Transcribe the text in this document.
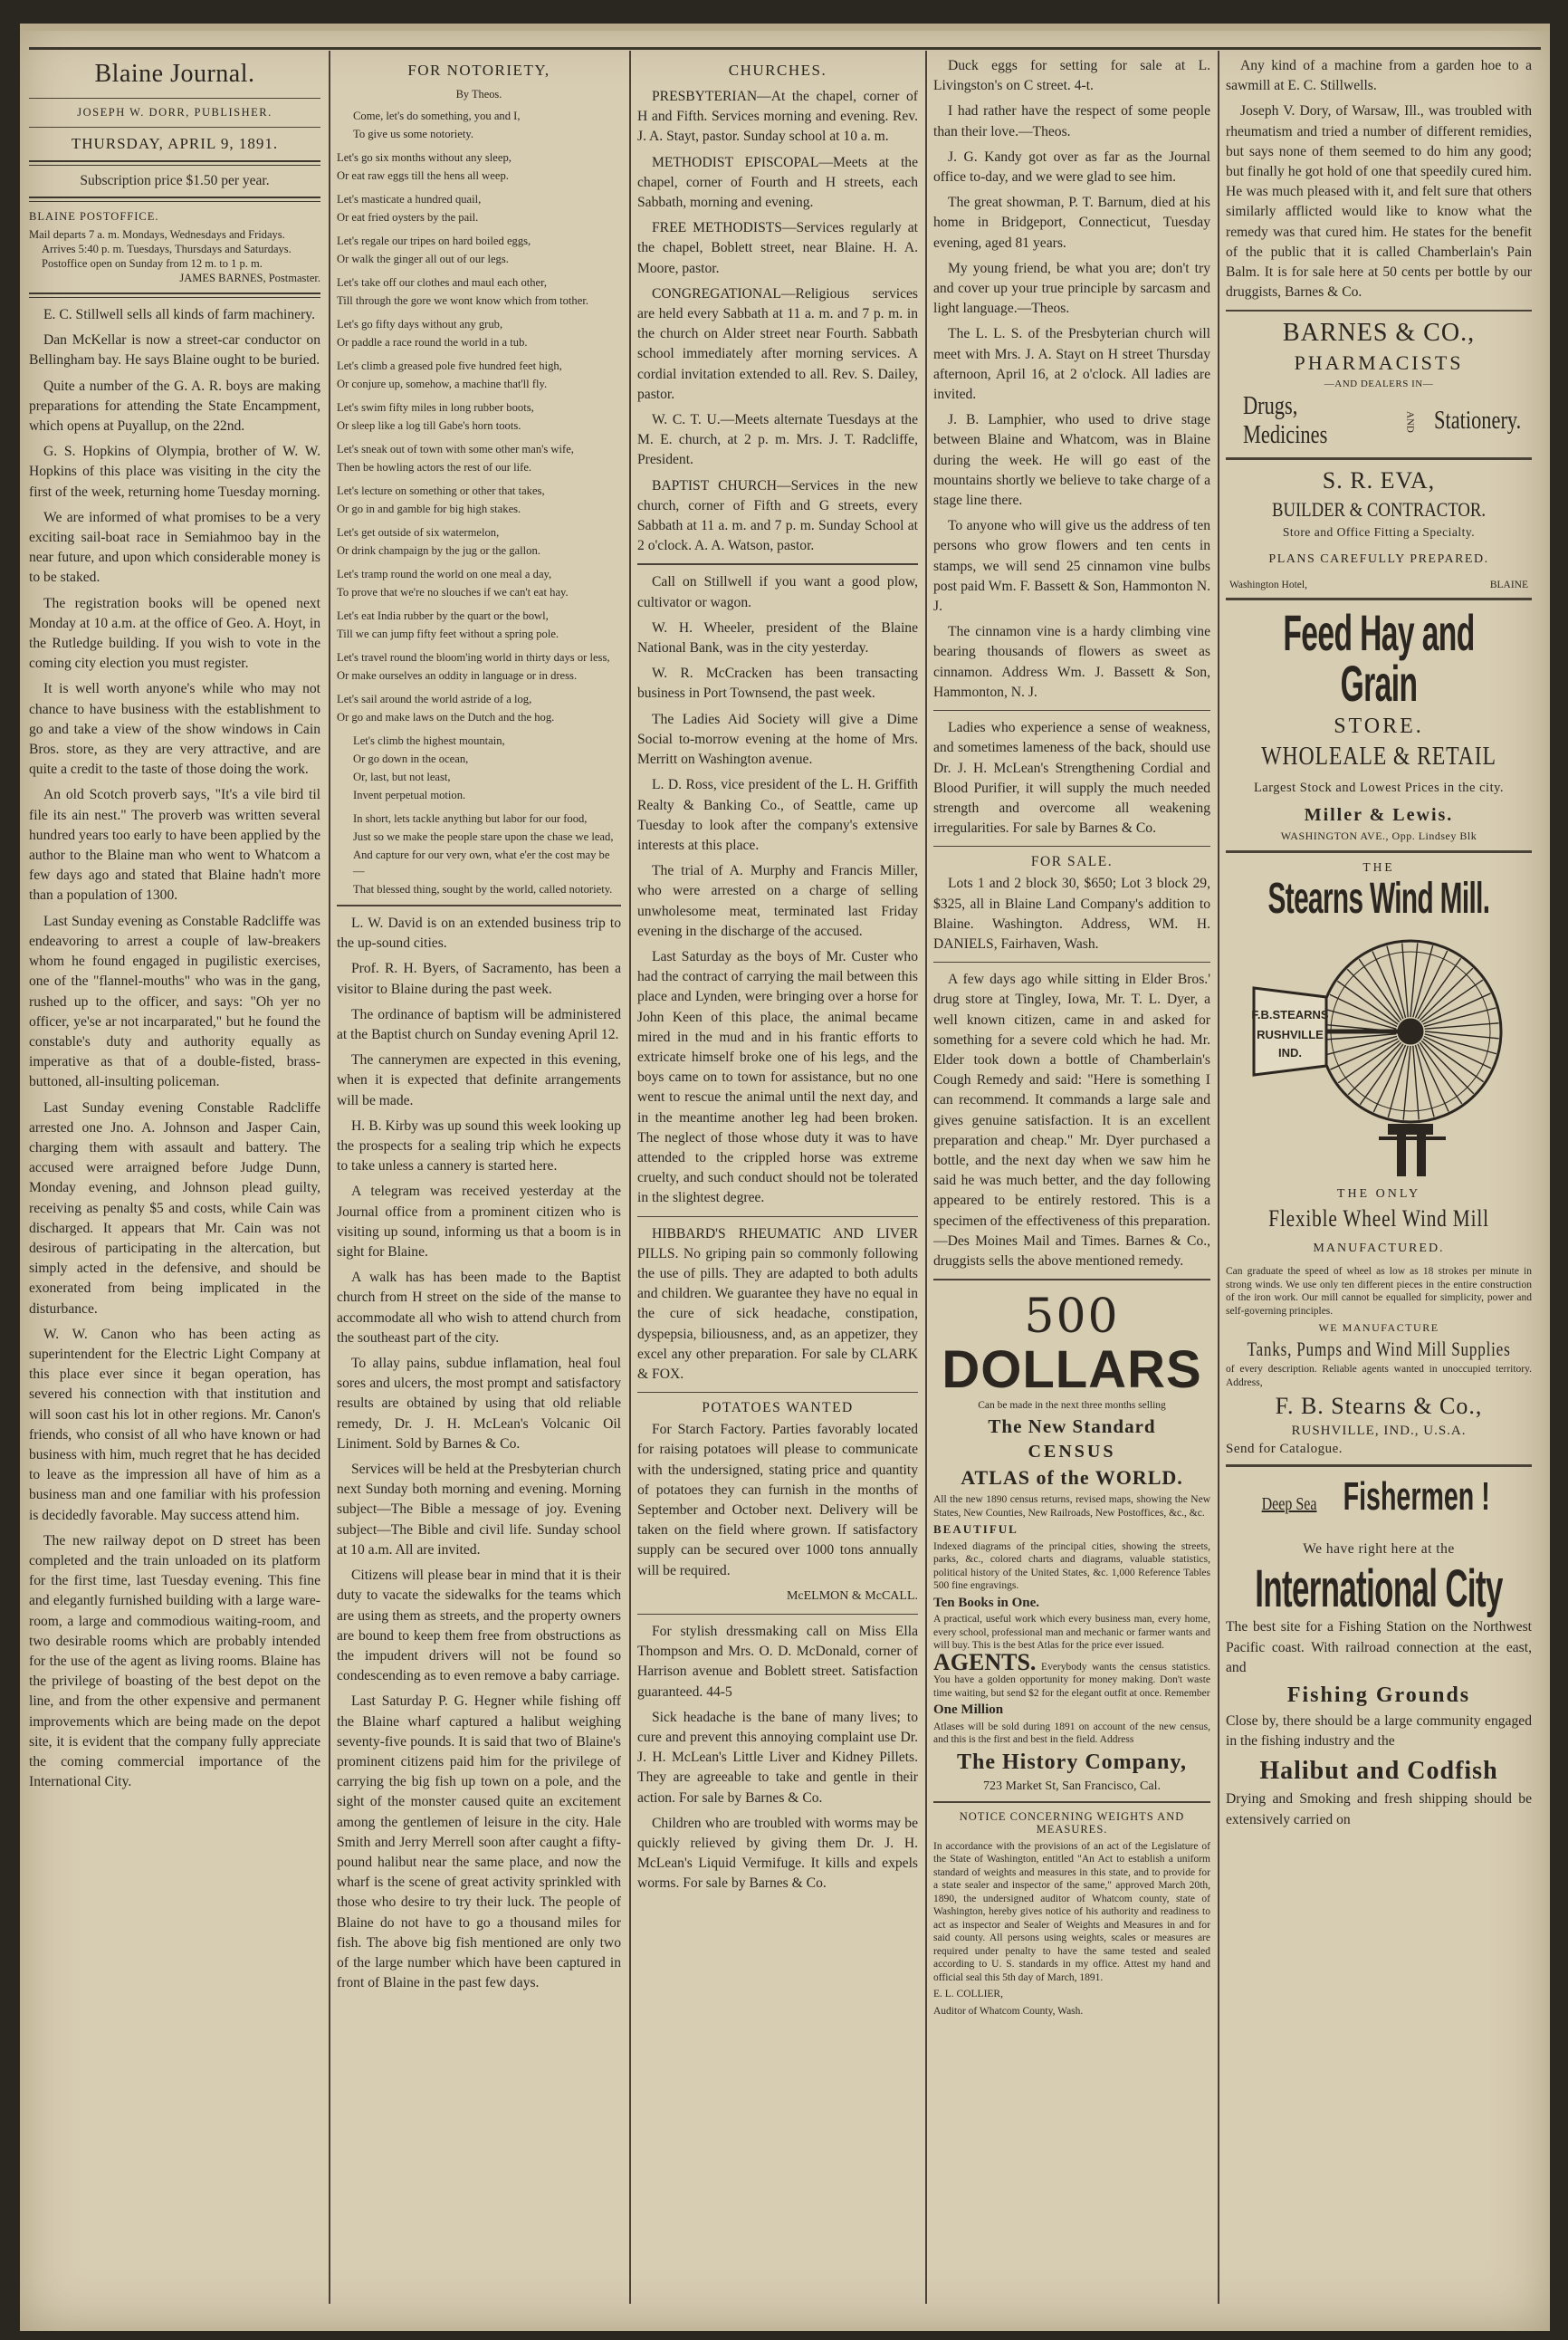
Blaine Journal.
JOSEPH W. DORR, PUBLISHER.
THURSDAY, APRIL 9, 1891.
Subscription price $1.50 per year.

BLAINE POSTOFFICE.

Mail departs 7 a. m. Mondays, Wednesdays and Fridays.

Arrives 5:40 p. m. Tuesdays, Thursdays and Saturdays.

Postoffice open on Sunday from 12 m. to 1 p. m.

JAMES BARNES, Postmaster.

E. C. Stillwell sells all kinds of farm machinery.

Dan McKellar is now a street-car conductor on Bellingham bay. He says Blaine ought to be buried.

Quite a number of the G. A. R. boys are making preparations for attending the State Encampment, which opens at Puyallup, on the 22nd.

G. S. Hopkins of Olympia, brother of W. W. Hopkins of this place was visiting in the city the first of the week, returning home Tuesday morning.

We are informed of what promises to be a very exciting sail-boat race in Semiahmoo bay in the near future, and upon which considerable money is to be staked.

The registration books will be opened next Monday at 10 a.m. at the office of Geo. A. Hoyt, in the Rutledge building. If you wish to vote in the coming city election you must register.

It is well worth anyone's while who may not chance to have business with the establishment to go and take a view of the show windows in Cain Bros. store, as they are very attractive, and are quite a credit to the taste of those doing the work.

An old Scotch proverb says, "It's a vile bird til file its ain nest." The proverb was written several hundred years too early to have been applied by the author to the Blaine man who went to Whatcom a few days ago and stated that Blaine hadn't more than a population of 1300.

Last Sunday evening as Constable Radcliffe was endeavoring to arrest a couple of law-breakers whom he found engaged in pugilistic exercises, one of the "flannel-mouths" who was in the gang, rushed up to the officer, and says: "Oh yer no officer, ye'se ar not incarparated," but he found the constable's duty and authority equally as imperative as that of a double-fisted, brass-buttoned, all-insulting policeman.

Last Sunday evening Constable Radcliffe arrested one Jno. A. Johnson and Jasper Cain, charging them with assault and battery. The accused were arraigned before Judge Dunn, Monday evening, and Johnson plead guilty, receiving as penalty $5 and costs, while Cain was discharged. It appears that Mr. Cain was not desirous of participating in the altercation, but simply acted in the defensive, and should be exonerated from being implicated in the disturbance.

W. W. Canon who has been acting as superintendent for the Electric Light Company at this place ever since it began operation, has severed his connection with that institution and will soon cast his lot in other regions. Mr. Canon's friends, who consist of all who have known or had business with him, much regret that he has decided to leave as the impression all have of him as a business man and one familiar with his profession is decidedly favorable. May success attend him.

The new railway depot on D street has been completed and the train unloaded on its platform for the first time, last Tuesday evening. This fine and elegantly furnished building with a large ware-room, a large and commodious waiting-room, and two desirable rooms which are probably intended for the use of the agent as living rooms. Blaine has the privilege of boasting of the best depot on the line, and from the other expensive and permanent improvements which are being made on the depot site, it is evident that the company fully appreciate the coming commercial importance of the International City.

FOR NOTORIETY,

By Theos.

Come, let's do something, you and I,

To give us some notoriety.

Let's go six months without any sleep,

Or eat raw eggs till the hens all weep.

Let's masticate a hundred quail,

Or eat fried oysters by the pail.

Let's regale our tripes on hard boiled eggs,

Or walk the ginger all out of our legs.

Let's take off our clothes and maul each other,

Till through the gore we wont know which from tother.

Let's go fifty days without any grub,

Or paddle a race round the world in a tub.

Let's climb a greased pole five hundred feet high,

Or conjure up, somehow, a machine that'll fly.

Let's swim fifty miles in long rubber boots,

Or sleep like a log till Gabe's horn toots.

Let's sneak out of town with some other man's wife,

Then be howling actors the rest of our life.

Let's lecture on something or other that takes,

Or go in and gamble for big high stakes.

Let's get outside of six watermelon,

Or drink champaign by the jug or the gallon.

Let's tramp round the world on one meal a day,

To prove that we're no slouches if we can't eat hay.

Let's eat India rubber by the quart or the bowl,

Till we can jump fifty feet without a spring pole.

Let's travel round the bloom'ing world in thirty days or less,

Or make ourselves an oddity in language or in dress.

Let's sail around the world astride of a log,

Or go and make laws on the Dutch and the hog.

Let's climb the highest mountain,

Or go down in the ocean,

Or, last, but not least,

Invent perpetual motion.

In short, lets tackle anything but labor for our food,

Just so we make the people stare upon the chase we lead,

And capture for our very own, what e'er the cost may be—

That blessed thing, sought by the world, called notoriety.

L. W. David is on an extended business trip to the up-sound cities.

Prof. R. H. Byers, of Sacramento, has been a visitor to Blaine during the past week.

The ordinance of baptism will be administered at the Baptist church on Sunday evening April 12.

The cannerymen are expected in this evening, when it is expected that definite arrangements will be made.

H. B. Kirby was up sound this week looking up the prospects for a sealing trip which he expects to take unless a cannery is started here.

A telegram was received yesterday at the Journal office from a prominent citizen who is visiting up sound, informing us that a boom is in sight for Blaine.

A walk has has been made to the Baptist church from H street on the side of the manse to accommodate all who wish to attend church from the southeast part of the city.

To allay pains, subdue inflamation, heal foul sores and ulcers, the most prompt and satisfactory results are obtained by using that old reliable remedy, Dr. J. H. McLean's Volcanic Oil Liniment. Sold by Barnes & Co.

Services will be held at the Presbyterian church next Sunday both morning and evening. Morning subject—The Bible a message of joy. Evening subject—The Bible and civil life. Sunday school at 10 a.m. All are invited.

Citizens will please bear in mind that it is their duty to vacate the sidewalks for the teams which are using them as streets, and the property owners are bound to keep them free from obstructions as the impudent drivers will not be found so condescending as to even remove a baby carriage.

Last Saturday P. G. Hegner while fishing off the Blaine wharf captured a halibut weighing seventy-five pounds. It is said that two of Blaine's prominent citizens paid him for the privilege of carrying the big fish up town on a pole, and the sight of the monster caused quite an excitement among the gentlemen of leisure in the city. Hale Smith and Jerry Merrell soon after caught a fifty-pound halibut near the same place, and now the wharf is the scene of great activity sprinkled with those who desire to try their luck. The people of Blaine do not have to go a thousand miles for fish. The above big fish mentioned are only two of the large number which have been captured in front of Blaine in the past few days.

CHURCHES.

PRESBYTERIAN—At the chapel, corner of H and Fifth. Services morning and evening. Rev. J. A. Stayt, pastor. Sunday school at 10 a. m.

METHODIST EPISCOPAL—Meets at the chapel, corner of Fourth and H streets, each Sabbath, morning and evening.

FREE METHODISTS—Services regularly at the chapel, Boblett street, near Blaine. H. A. Moore, pastor.

CONGREGATIONAL—Religious services are held every Sabbath at 11 a. m. and 7 p. m. in the church on Alder street near Fourth. Sabbath school immediately after morning services. A cordial invitation extended to all. Rev. S. Dailey, pastor.

W. C. T. U.—Meets alternate Tuesdays at the M. E. church, at 2 p. m. Mrs. J. T. Radcliffe, President.

BAPTIST CHURCH—Services in the new church, corner of Fifth and G streets, every Sabbath at 11 a. m. and 7 p. m. Sunday School at 2 o'clock. A. A. Watson, pastor.

Call on Stillwell if you want a good plow, cultivator or wagon.

W. H. Wheeler, president of the Blaine National Bank, was in the city yesterday.

W. R. McCracken has been transacting business in Port Townsend, the past week.

The Ladies Aid Society will give a Dime Social to-morrow evening at the home of Mrs. Merritt on Washington avenue.

L. D. Ross, vice president of the L. H. Griffith Realty & Banking Co., of Seattle, came up Tuesday to look after the company's extensive interests at this place.

The trial of A. Murphy and Francis Miller, who were arrested on a charge of selling unwholesome meat, terminated last Friday evening in the discharge of the accused.

Last Saturday as the boys of Mr. Custer who had the contract of carrying the mail between this place and Lynden, were bringing over a horse for John Keen of this place, the animal became mired in the mud and in his frantic efforts to extricate himself broke one of his legs, and the boys came on to town for assistance, but no one went to rescue the animal until the next day, and in the meantime another leg had been broken. The neglect of those whose duty it was to have attended to the crippled horse was extreme cruelty, and such conduct should not be tolerated in the slightest degree.

HIBBARD'S RHEUMATIC AND LIVER PILLS. No griping pain so commonly following the use of pills. They are adapted to both adults and children. We guarantee they have no equal in the cure of sick headache, constipation, dyspepsia, biliousness, and, as an appetizer, they excel any other preparation. For sale by CLARK & FOX.

POTATOES WANTED

For Starch Factory. Parties favorably located for raising potatoes will please to communicate with the undersigned, stating price and quantity of potatoes they can furnish in the months of September and October next. Delivery will be taken on the field where grown. If satisfactory supply can be secured over 1000 tons annually will be required.

McELMON & McCALL.

For stylish dressmaking call on Miss Ella Thompson and Mrs. O. D. McDonald, corner of Harrison avenue and Boblett street. Satisfaction guaranteed. 44-5

Sick headache is the bane of many lives; to cure and prevent this annoying complaint use Dr. J. H. McLean's Little Liver and Kidney Pillets. They are agreeable to take and gentle in their action. For sale by Barnes & Co.

Children who are troubled with worms may be quickly relieved by giving them Dr. J. H. McLean's Liquid Vermifuge. It kills and expels worms. For sale by Barnes & Co.

Duck eggs for setting for sale at L. Livingston's on C street. 4-t.

I had rather have the respect of some people than their love.—Theos.

J. G. Kandy got over as far as the Journal office to-day, and we were glad to see him.

The great showman, P. T. Barnum, died at his home in Bridgeport, Connecticut, Tuesday evening, aged 81 years.

My young friend, be what you are; don't try and cover up your true principle by sarcasm and light language.—Theos.

The L. L. S. of the Presbyterian church will meet with Mrs. J. A. Stayt on H street Thursday afternoon, April 16, at 2 o'clock. All ladies are invited.

J. B. Lamphier, who used to drive stage between Blaine and Whatcom, was in Blaine during the week. He will go east of the mountains shortly we believe to take charge of a stage line there.

To anyone who will give us the address of ten persons who grow flowers and ten cents in stamps, we will send 25 cinnamon vine bulbs post paid Wm. F. Bassett & Son, Hammonton N. J.

The cinnamon vine is a hardy climbing vine bearing thousands of flowers as sweet as cinnamon. Address Wm. J. Bassett & Son, Hammonton, N. J.

Ladies who experience a sense of weakness, and sometimes lameness of the back, should use Dr. J. H. McLean's Strengthening Cordial and Blood Purifier, it will supply the much needed strength and overcome all weakening irregularities. For sale by Barnes & Co.

FOR SALE.

Lots 1 and 2 block 30, $650; Lot 3 block 29, $325, all in Blaine Land Company's addition to Blaine. Washington. Address, WM. H. DANIELS, Fairhaven, Wash.

A few days ago while sitting in Elder Bros.' drug store at Tingley, Iowa, Mr. T. L. Dyer, a well known citizen, came in and asked for something for a severe cold which he had. Mr. Elder took down a bottle of Chamberlain's Cough Remedy and said: "Here is something I can recommend. It commands a large sale and gives genuine satisfaction. It is an excellent preparation and cheap." Mr. Dyer purchased a bottle, and the next day when we saw him he said he was much better, and the day following appeared to be entirely restored. This is a specimen of the effectiveness of this preparation.—Des Moines Mail and Times. Barnes & Co., druggists sells the above mentioned remedy.

500
DOLLARS

Can be made in the next three months selling

The New Standard
CENSUS
ATLAS of the WORLD.

All the new 1890 census returns, revised maps, showing the New States, New Counties, New Railroads, New Postoffices, &c., &c.

BEAUTIFUL

Indexed diagrams of the principal cities, showing the streets, parks, &c., colored charts and diagrams, valuable statistics, political history of the United States, &c. 1,000 Reference Tables 500 fine engravings.

Ten Books in One.

A practical, useful work which every business man, every home, every school, professional man and mechanic or farmer wants and will buy. This is the best Atlas for the price ever issued.

AGENTS. Everybody wants the census statistics. You have a golden opportunity for money making. Don't waste time waiting, but send $2 for the elegant outfit at once. Remember

One Million

Atlases will be sold during 1891 on account of the new census, and this is the first and best in the field. Address

The History Company,

723 Market St, San Francisco, Cal.

NOTICE CONCERNING WEIGHTS AND MEASURES.

In accordance with the provisions of an act of the Legislature of the State of Washington, entitled "An Act to establish a uniform standard of weights and measures in this state, and to provide for a state sealer and inspector of the same," approved March 20th, 1890, the undersigned auditor of Whatcom county, state of Washington, hereby gives notice of his authority and readiness to act as inspector and Sealer of Weights and Measures in and for said county. All persons using weights, scales or measures are required under penalty to have the same tested and sealed according to U. S. standards in my office. Attest my hand and official seal this 5th day of March, 1891.

E. L. COLLIER,

Auditor of Whatcom County, Wash.

Any kind of a machine from a garden hoe to a sawmill at E. C. Stillwells.

Joseph V. Dory, of Warsaw, Ill., was troubled with rheumatism and tried a number of different remidies, but says none of them seemed to do him any good; but finally he got hold of one that speedily cured him. He was much pleased with it, and felt sure that others similarly afflicted would like to know what the remedy was that cured him. He states for the benefit of the public that it is called Chamberlain's Pain Balm. It is for sale here at 50 cents per bottle by our druggists, Barnes & Co.

BARNES & CO.,
PHARMACISTS
—AND DEALERS IN—
Drugs, Medicines	AND Stationery.
S. R. EVA,
BUILDER & CONTRACTOR.
Store and Office Fitting a Specialty.
PLANS CAREFULLY PREPARED.
Washington Hotel,	BLAINE
Feed Hay and Grain
STORE.
WHOLEALE & RETAIL
Largest Stock and Lowest Prices in the city.
Miller & Lewis.
WASHINGTON AVE., Opp. Lindsey Blk
THE
Stearns Wind Mill.
F.B.STEARNS
RUSHVILLE
IND.
THE ONLY
Flexible Wheel Wind Mill
MANUFACTURED.

Can graduate the speed of wheel as low as 18 strokes per minute in strong winds. We use only ten different pieces in the entire construction of the iron work. Our mill cannot be equalled for simplicity, power and self-governing principles.

WE MANUFACTURE
Tanks, Pumps and Wind Mill Supplies

of every description. Reliable agents wanted in unoccupied territory. Address,

F. B. Stearns & Co.,
RUSHVILLE, IND., U.S.A.
Send for Catalogue.
Deep Sea Fishermen !
We have right here at the
International City

The best site for a Fishing Station on the Northwest Pacific coast. With railroad connection at the east, and

Fishing Grounds

Close by, there should be a large community engaged in the fishing industry and the

Halibut and Codfish

Drying and Smoking and fresh shipping should be extensively carried on
